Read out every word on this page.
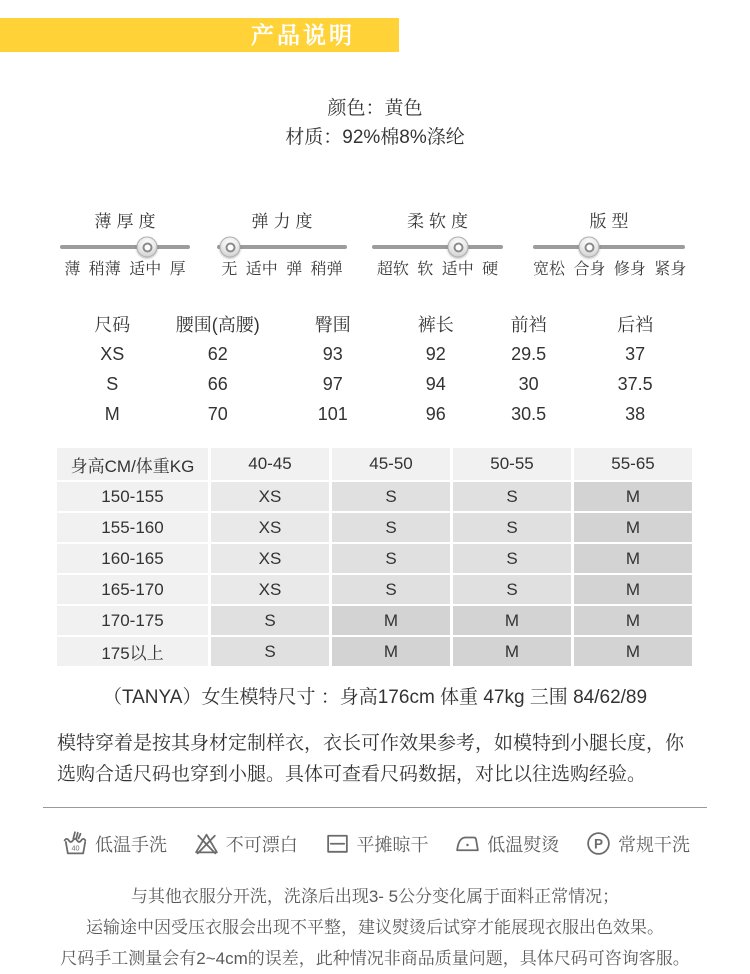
产品说明
颜色：黄色
材质：92%棉8%涤纶
薄厚度
薄 稍薄 适中 厚
弹力度
无 适中 弹 稍弹
柔软度
超软 软 适中 硬
版型
宽松 合身 修身 紧身
尺码	腰围(高腰)	臀围	裤长	前裆	后裆
XS	62	93	92	29.5	37
S	66	97	94	30	37.5
M	70	101	96	30.5	38
身高CM/体重KG	40-45	45-50	50-55	55-65
150-155	XS	S	S	M
155-160	XS	S	S	M
160-165	XS	S	S	M
165-170	XS	S	S	M
170-175	S	M	M	M
175以上	S	M	M	M
（TANYA）女生模特尺寸 ：身高176cm 体重 47kg 三围 84/62/89
模特穿着是按其身材定制样衣，衣长可作效果参考，如模特到小腿长度，你
选购合适尺码也穿到小腿。具体可查看尺码数据，对比以往选购经验。
40 低温手洗	不可漂白	平摊晾干	低温熨烫	P 常规干洗
与其他衣服分开洗，洗涤后出现3- 5公分变化属于面料正常情况；
运输途中因受压衣服会出现不平整，建议熨烫后试穿才能展现衣服出色效果。
尺码手工测量会有2~4cm的误差，此种情况非商品质量问题，具体尺码可咨询客服。
